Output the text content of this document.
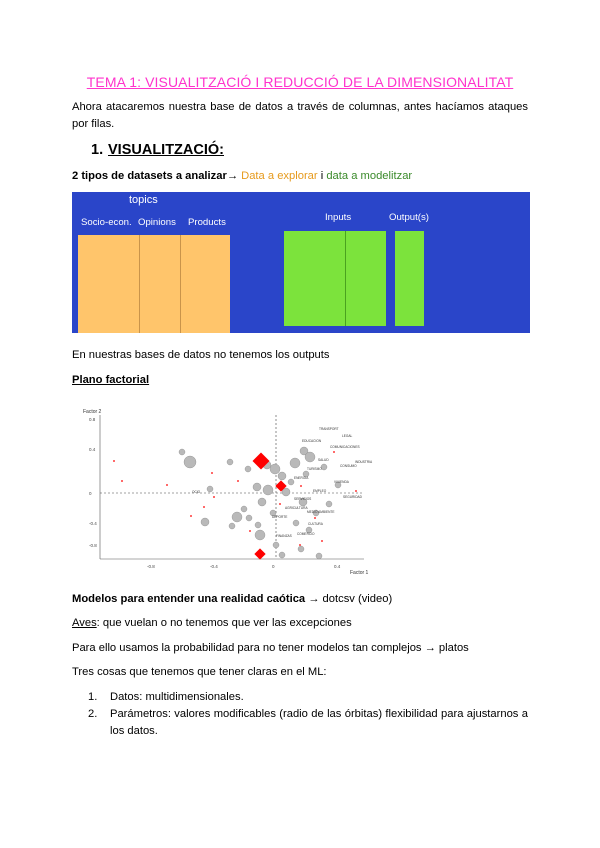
TEMA 1: VISUALITZACIÓ I REDUCCIÓ DE LA DIMENSIONALITAT
Ahora atacaremos nuestra base de datos a través de columnas, antes hacíamos ataques por filas.
1. VISUALITZACIÓ:
2 tipos de datasets a analizar→ Data a explorar i data a modelitzar
topics
Socio-econ. Opinions Products	Inputs	Output(s)
En nuestras bases de datos no tenemos los outputs
Plano factorial
Factor 2
Factor 1
0.8
0.4
0
-0.4
-0.8
-0.8	-0.4	0	0.4
TRANSPORT
LEGAL
COMUNICACIONES
EDUCACION
SALUD	INDUSTRIA
CONSUMO
TURISMO
ENERGIA
VIVIENDA
EMPLEO
SEGURIDAD
SERVICIOS
MEDIO AMBIENTE
AGRICULTURA
CULTURA
DEPORTE
FINANZAS COMERCIO
OCIO
Modelos para entender una realidad caótica → dotcsv (video)
Aves: que vuelan o no tenemos que ver las excepciones
Para ello usamos la probabilidad para no tener modelos tan complejos → platos
Tres cosas que tenemos que tener claras en el ML:
1. Datos: multidimensionales.
2. Parámetros: valores modificables (radio de las órbitas) flexibilidad para ajustarnos a los datos.
